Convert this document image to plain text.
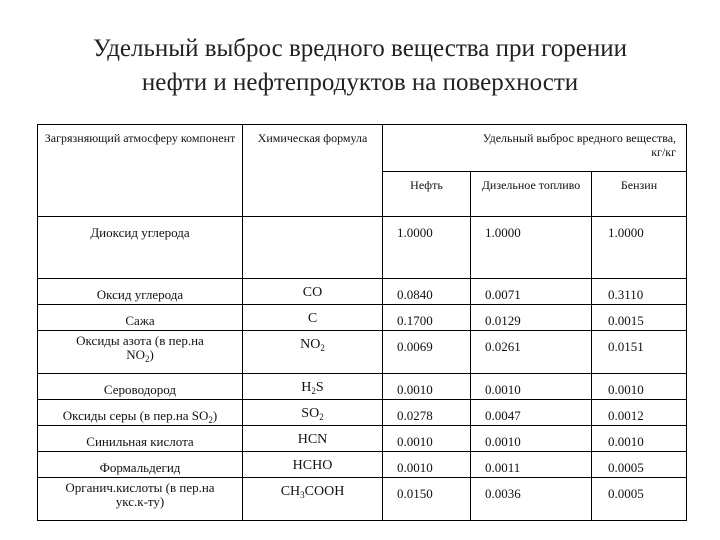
Удельный выброс вредного вещества при горении
нефти и нефтепродуктов на поверхности
Загрязняющий атмосферу компонент	Химическая формула	Удельный выброс вредного вещества,
кг/кг		

		Нефть	Дизельное топливо	Бензин
Диоксид углерода		1.0000	1.0000	1.0000
Оксид углерода	CO	0.0840	0.0071	0.3110
Сажа	C	0.1700	0.0129	0.0015
Оксиды азота (в пер.на
$NO_2$)	$NO_2$	0.0069	0.0261	0.0151
Сероводород	$H_2S$	0.0010	0.0010	0.0010
Оксиды серы (в пер.на $SO_2$)	$SO_2$	0.0278	0.0047	0.0012
Синильная кислота	HCN	0.0010	0.0010	0.0010
Формальдегид	HCHO	0.0010	0.0011	0.0005
Органич.кислоты (в пер.на
укс.к-ту)	$CH_3COOH$	0.0150	0.0036	0.0005
